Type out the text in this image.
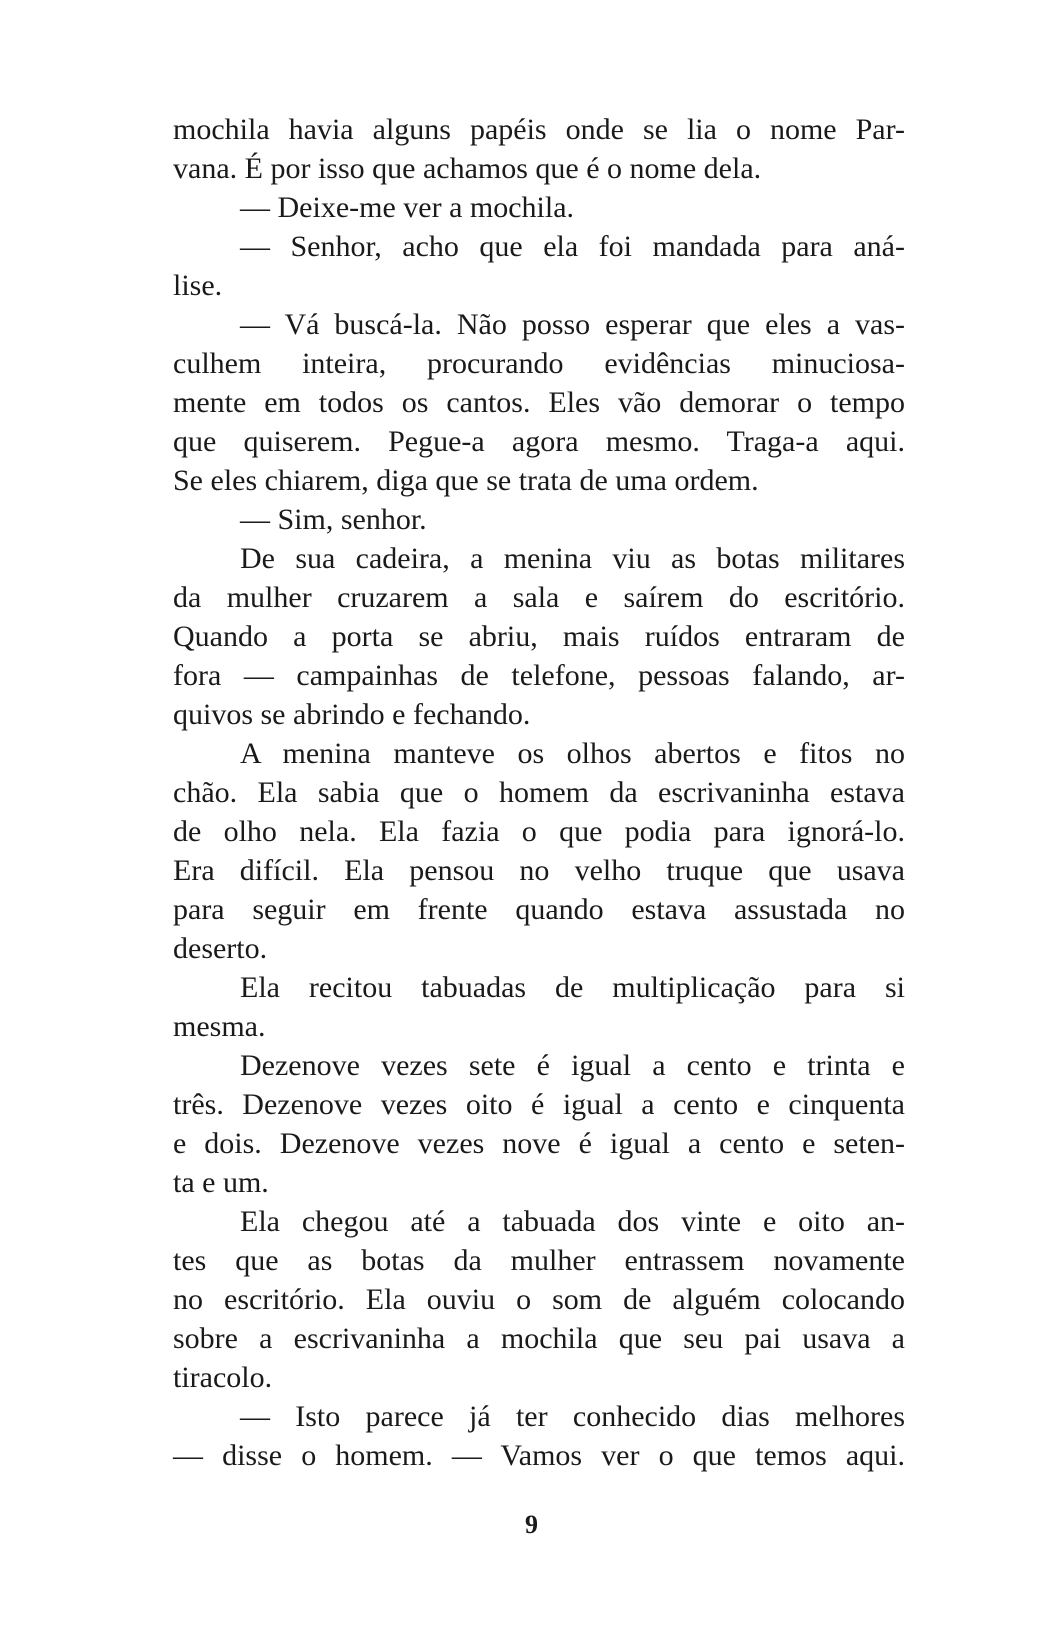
mochila havia alguns papéis onde se lia o nome Par-
vana. É por isso que achamos que é o nome dela.
— Deixe-me ver a mochila.
— Senhor, acho que ela foi mandada para aná-
lise.
— Vá buscá-la. Não posso esperar que eles a vas-
culhem inteira, procurando evidências minuciosa-
mente em todos os cantos. Eles vão demorar o tempo
que quiserem. Pegue-a agora mesmo. Traga-a aqui.
Se eles chiarem, diga que se trata de uma ordem.
— Sim, senhor.
De sua cadeira, a menina viu as botas militares
da mulher cruzarem a sala e saírem do escritório.
Quando a porta se abriu, mais ruídos entraram de
fora — campainhas de telefone, pessoas falando, ar-
quivos se abrindo e fechando.
A menina manteve os olhos abertos e fitos no
chão. Ela sabia que o homem da escrivaninha estava
de olho nela. Ela fazia o que podia para ignorá-lo.
Era difícil. Ela pensou no velho truque que usava
para seguir em frente quando estava assustada no
deserto.
Ela recitou tabuadas de multiplicação para si
mesma.
Dezenove vezes sete é igual a cento e trinta e
três. Dezenove vezes oito é igual a cento e cinquenta
e dois. Dezenove vezes nove é igual a cento e seten-
ta e um.
Ela chegou até a tabuada dos vinte e oito an-
tes que as botas da mulher entrassem novamente
no escritório. Ela ouviu o som de alguém colocando
sobre a escrivaninha a mochila que seu pai usava a
tiracolo.
— Isto parece já ter conhecido dias melhores
— disse o homem. — Vamos ver o que temos aqui.
9
